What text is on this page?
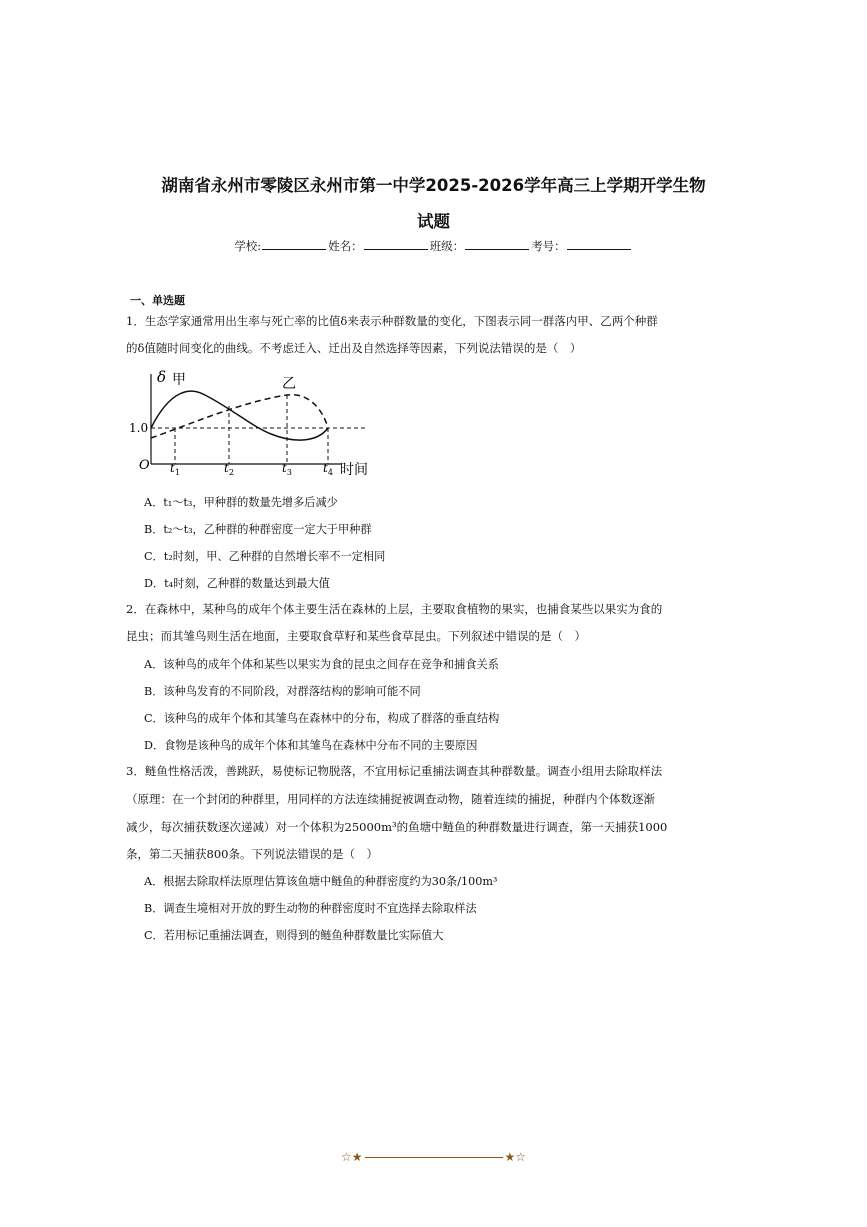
湖南省永州市零陵区永州市第一中学2025-2026学年高三上学期开学生物
试题
学校:	姓名：	班级：	考号：
一、单选题
1．生态学家通常用出生率与死亡率的比值δ来表示种群数量的变化，下图表示同一群落内甲、乙两个种群
的δ值随时间变化的曲线。不考虑迁入、迁出及自然选择等因素，下列说法错误的是（　）
δ 甲	乙
1.0
O $t_1$	$t_2$	$t_3$	$t_4$ 时间
A．t₁～t₃，甲种群的数量先增多后减少
B．t₂～t₃，乙种群的种群密度一定大于甲种群
C．t₂时刻，甲、乙种群的自然增长率不一定相同
D．t₄时刻，乙种群的数量达到最大值
2．在森林中，某种鸟的成年个体主要生活在森林的上层，主要取食植物的果实，也捕食某些以果实为食的
昆虫；而其雏鸟则生活在地面，主要取食草籽和某些食草昆虫。下列叙述中错误的是（　）
A．该种鸟的成年个体和某些以果实为食的昆虫之间存在竞争和捕食关系
B．该种鸟发育的不同阶段，对群落结构的影响可能不同
C．该种鸟的成年个体和其雏鸟在森林中的分布，构成了群落的垂直结构
D．食物是该种鸟的成年个体和其雏鸟在森林中分布不同的主要原因
3．鲢鱼性格活泼，善跳跃，易使标记物脱落，不宜用标记重捕法调查其种群数量。调查小组用去除取样法
（原理：在一个封闭的种群里，用同样的方法连续捕捉被调查动物，随着连续的捕捉，种群内个体数逐渐
减少，每次捕获数逐次递减）对一个体积为25000m³的鱼塘中鲢鱼的种群数量进行调查，第一天捕获1000
条，第二天捕获800条。下列说法错误的是（　）
A．根据去除取样法原理估算该鱼塘中鲢鱼的种群密度约为30条/100m³
B．调查生境相对开放的野生动物的种群密度时不宜选择去除取样法
C．若用标记重捕法调查，则得到的鲢鱼种群数量比实际值大
☆★	★☆
